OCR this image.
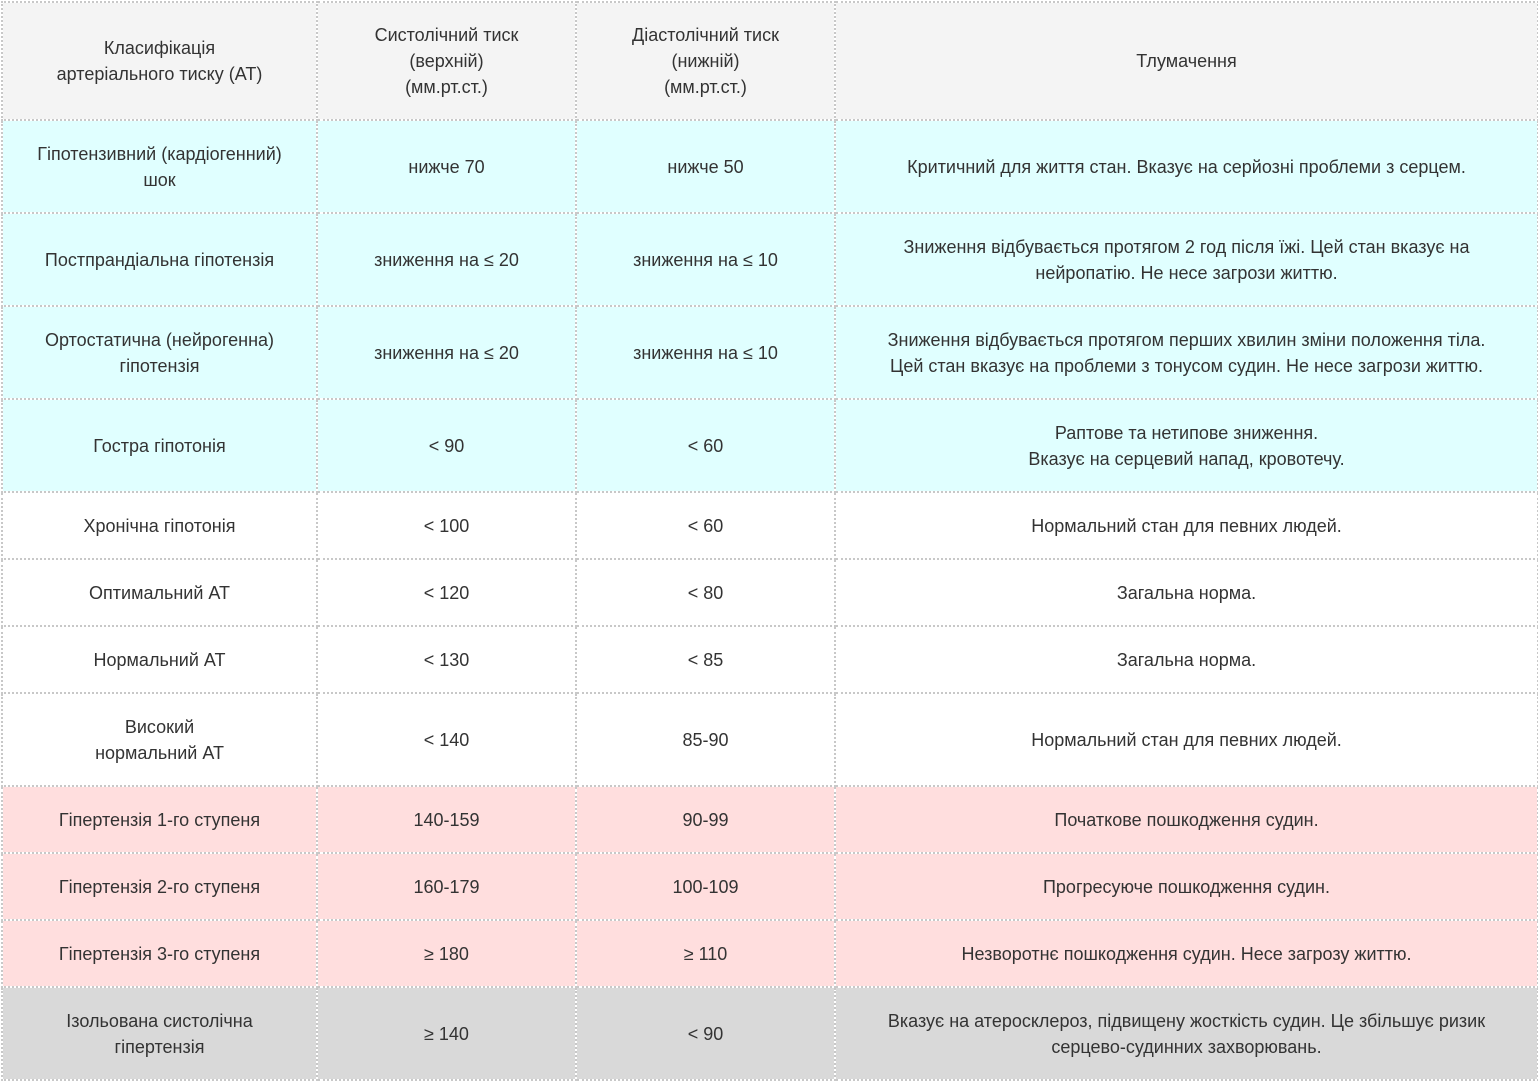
Класифікація
артеріального тиску (АТ)	Систолічний тиск
(верхній)
(мм.рт.ст.)	Діастолічний тиск
(нижній)
(мм.рт.ст.)	Тлумачення
Гіпотензивний (кардіогенний)
шок	нижче 70	нижче 50	Критичний для життя стан. Вказує на серйозні проблеми з серцем.
Постпрандіальна гіпотензія	зниження на ≤ 20	зниження на ≤ 10	Зниження відбувається протягом 2 год після їжі. Цей стан вказує на
нейропатію. Не несе загрози життю.
Ортостатична (нейрогенна)
гіпотензія	зниження на ≤ 20	зниження на ≤ 10	Зниження відбувається протягом перших хвилин зміни положення тіла.
Цей стан вказує на проблеми з тонусом судин. Не несе загрози життю.
Гостра гіпотонія	< 90	< 60	Раптове та нетипове зниження.
Вказує на серцевий напад, кровотечу.
Хронічна гіпотонія	< 100	< 60	Нормальний стан для певних людей.
Оптимальний АТ	< 120	< 80	Загальна норма.
Нормальний АТ	< 130	< 85	Загальна норма.
Високий
нормальний АТ	< 140	85-90	Нормальний стан для певних людей.
Гіпертензія 1-го ступеня	140-159	90-99	Початкове пошкодження судин.
Гіпертензія 2-го ступеня	160-179	100-109	Прогресуюче пошкодження судин.
Гіпертензія 3-го ступеня	≥ 180	≥ 110	Незворотнє пошкодження судин. Несе загрозу життю.
Ізольована систолічна
гіпертензія	≥ 140	< 90	Вказує на атеросклероз, підвищену жосткість судин. Це збільшує ризик
серцево-судинних захворювань.
